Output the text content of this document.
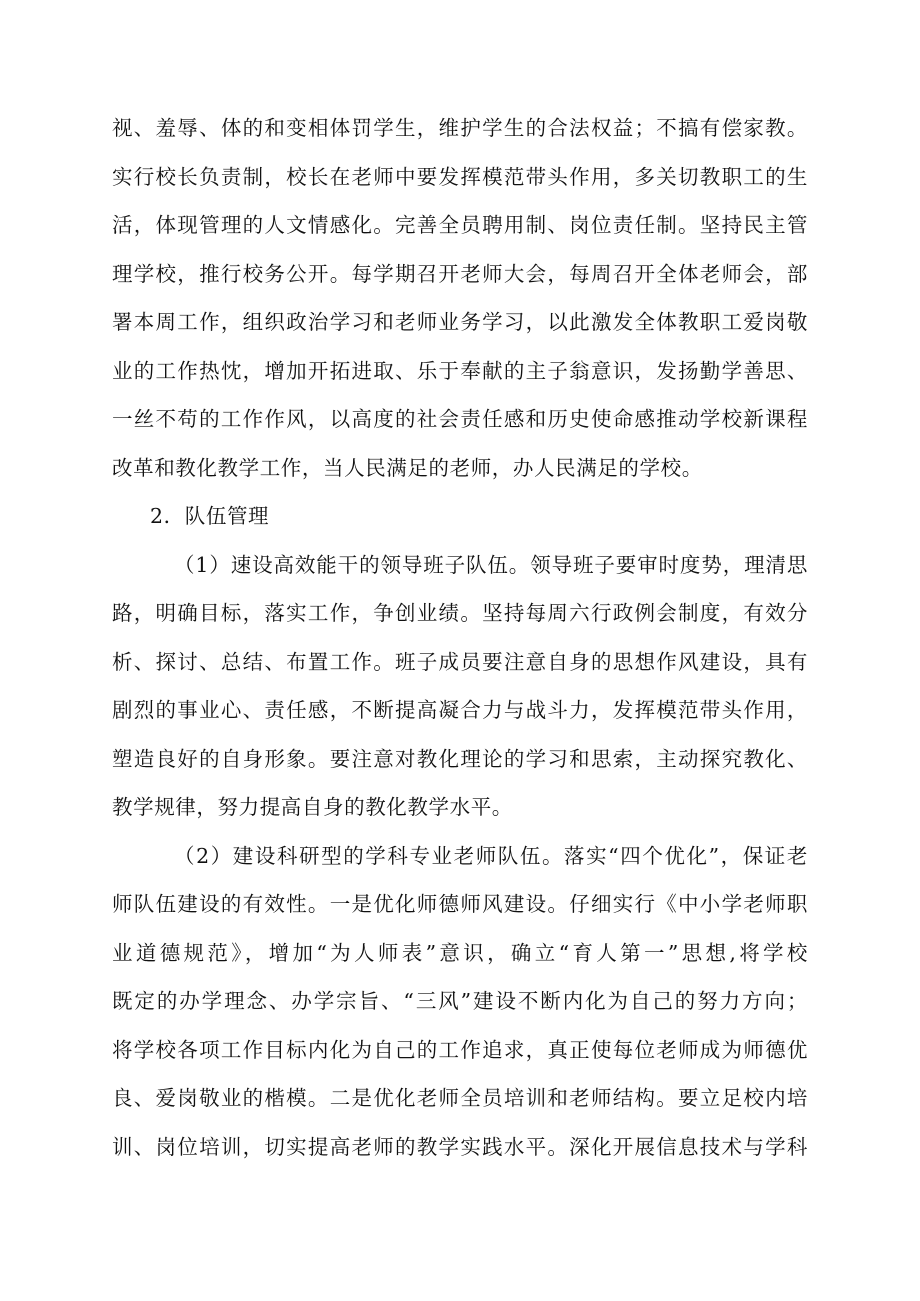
视、羞辱、体的和变相体罚学生，维护学生的合法权益；不搞有偿家教。
实行校长负责制，校长在老师中要发挥模范带头作用，多关切教职工的生
活，体现管理的人文情感化。完善全员聘用制、岗位责任制。坚持民主管
理学校，推行校务公开。每学期召开老师大会，每周召开全体老师会，部
署本周工作，组织政治学习和老师业务学习，以此激发全体教职工爱岗敬
业的工作热忱，增加开拓进取、乐于奉献的主子翁意识，发扬勤学善思、
一丝不苟的工作作风，以高度的社会责任感和历史使命感推动学校新课程
改革和教化教学工作，当人民满足的老师，办人民满足的学校。
2．队伍管理
（1）速设高效能干的领导班子队伍。领导班子要审时度势，理清思
路，明确目标，落实工作，争创业绩。坚持每周六行政例会制度，有效分
析、探讨、总结、布置工作。班子成员要注意自身的思想作风建设，具有
剧烈的事业心、责任感，不断提高凝合力与战斗力，发挥模范带头作用，
塑造良好的自身形象。要注意对教化理论的学习和思索，主动探究教化、
教学规律，努力提高自身的教化教学水平。
（2）建设科研型的学科专业老师队伍。落实“四个优化”，保证老
师队伍建设的有效性。一是优化师德师风建设。仔细实行《中小学老师职
业道德规范》，增加“为人师表”意识，确立“育人第一”思想,将学校
既定的办学理念、办学宗旨、“三风”建设不断内化为自己的努力方向；
将学校各项工作目标内化为自己的工作追求，真正使每位老师成为师德优
良、爱岗敬业的楷模。二是优化老师全员培训和老师结构。要立足校内培
训、岗位培训，切实提高老师的教学实践水平。深化开展信息技术与学科
